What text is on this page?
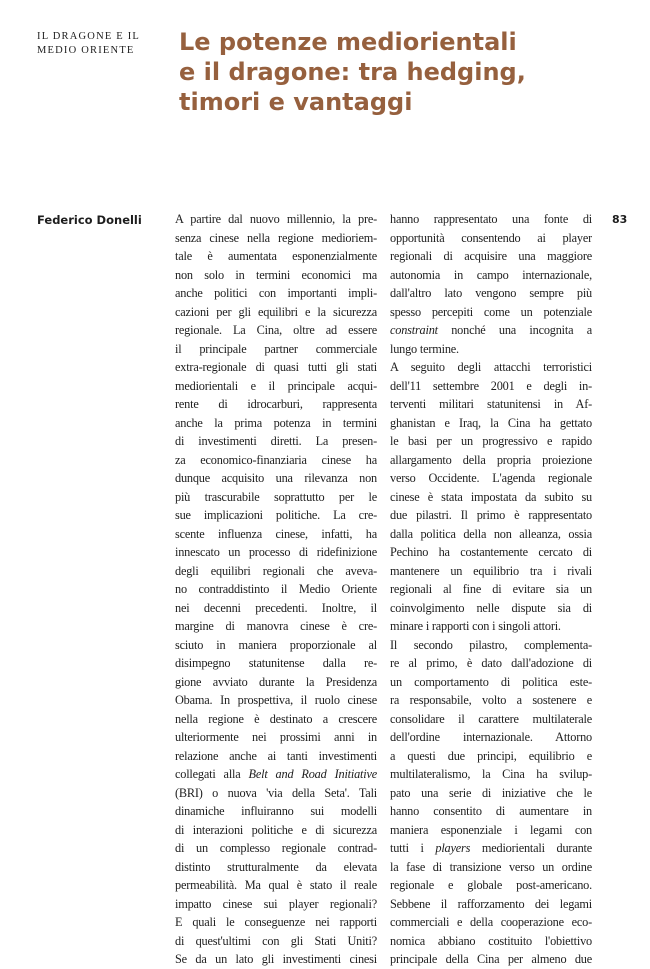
IL DRAGONE E IL
MEDIO ORIENTE	Le potenze mediorientali
e il dragone: tra hedging,
timori e vantaggi

Federico Donelli	83
A partire dal nuovo millennio, la pre-
senza cinese nella regione medioriem-
tale è aumentata esponenzialmente
non solo in termini economici ma
anche politici con importanti impli-
cazioni per gli equilibri e la sicurezza
regionale. La Cina, oltre ad essere
il principale partner commerciale
extra-regionale di quasi tutti gli stati
mediorientali e il principale acqui-
rente di idrocarburi, rappresenta
anche la prima potenza in termini
di investimenti diretti. La presen-
za economico-finanziaria cinese ha
dunque acquisito una rilevanza non
più trascurabile soprattutto per le
sue implicazioni politiche. La cre-
scente influenza cinese, infatti, ha
innescato un processo di ridefinizione
degli equilibri regionali che aveva-
no contraddistinto il Medio Oriente
nei decenni precedenti. Inoltre, il
margine di manovra cinese è cre-
sciuto in maniera proporzionale al
disimpegno statunitense dalla re-
gione avviato durante la Presidenza
Obama. In prospettiva, il ruolo cinese
nella regione è destinato a crescere
ulteriormente nei prossimi anni in
relazione anche ai tanti investimenti
collegati alla Belt and Road Initiative
(BRI) o nuova 'via della Seta'. Tali
dinamiche influiranno sui modelli
di interazioni politiche e di sicurezza
di un complesso regionale contrad-
distinto strutturalmente da elevata
permeabilità. Ma qual è stato il reale
impatto cinese sui player regionali?
E quali le conseguenze nei rapporti
di quest'ultimi con gli Stati Uniti?
Se da un lato gli investimenti cinesi
hanno rappresentato una fonte di
opportunità consentendo ai player
regionali di acquisire una maggiore
autonomia in campo internazionale,
dall'altro lato vengono sempre più
spesso percepiti come un potenziale
constraint nonché una incognita a
lungo termine.
A seguito degli attacchi terroristici
dell'11 settembre 2001 e degli in-
terventi militari statunitensi in Af-
ghanistan e Iraq, la Cina ha gettato
le basi per un progressivo e rapido
allargamento della propria proiezione
verso Occidente. L'agenda regionale
cinese è stata impostata da subito su
due pilastri. Il primo è rappresentato
dalla politica della non alleanza, ossia
Pechino ha costantemente cercato di
mantenere un equilibrio tra i rivali
regionali al fine di evitare sia un
coinvolgimento nelle dispute sia di
minare i rapporti con i singoli attori.
Il secondo pilastro, complementa-
re al primo, è dato dall'adozione di
un comportamento di politica este-
ra responsabile, volto a sostenere e
consolidare il carattere multilaterale
dell'ordine internazionale. Attorno
a questi due principi, equilibrio e
multilateralismo, la Cina ha svilup-
pato una serie di iniziative che le
hanno consentito di aumentare in
maniera esponenziale i legami con
tutti i players mediorientali durante
la fase di transizione verso un ordine
regionale e globale post-americano.
Sebbene il rafforzamento dei legami
commerciali e della cooperazione eco-
nomica abbiano costituito l'obiettivo
principale della Cina per almeno due
